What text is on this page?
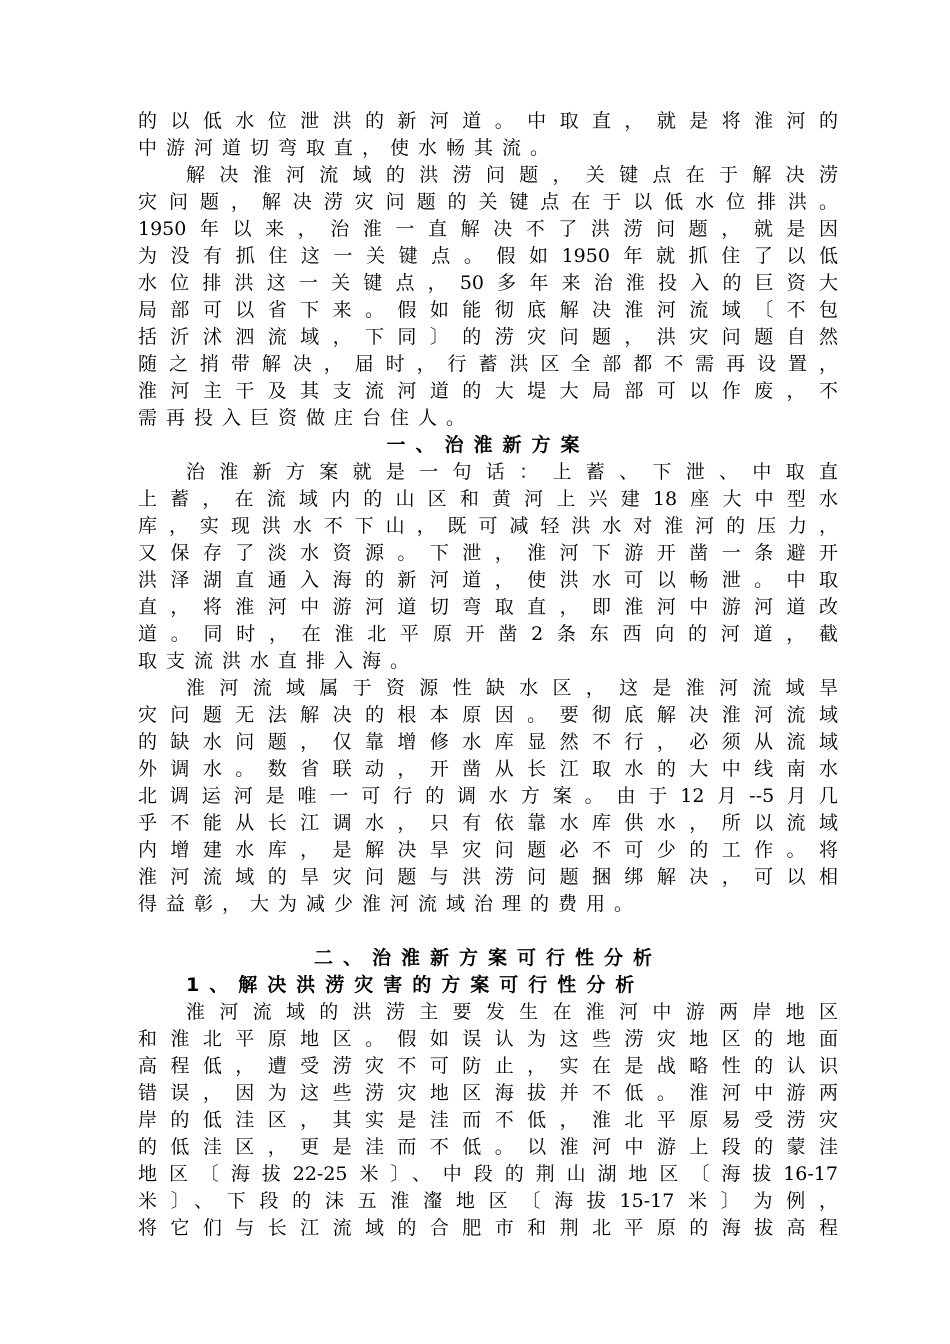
的以低水位泄洪的新河道。中取直，就是将淮河的
中游河道切弯取直，使水畅其流。
解决淮河流域的洪涝问题，关键点在于解决涝
灾问题，解决涝灾问题的关键点在于以低水位排洪。
1950年以来，治淮一直解决不了洪涝问题，就是因
为没有抓住这一关键点。假如1950年就抓住了以低
水位排洪这一关键点，50多年来治淮投入的巨资大
局部可以省下来。假如能彻底解决淮河流域〔不包
括沂沭泗流域，下同〕的涝灾问题，洪灾问题自然
随之捎带解决，届时，行蓄洪区全部都不需再设置，
淮河主干及其支流河道的大堤大局部可以作废，不
需再投入巨资做庄台住人。
一、治淮新方案
治淮新方案就是一句话：上蓄、下泄、中取直
上蓄，在流域内的山区和黄河上兴建18座大中型水
库，实现洪水不下山，既可减轻洪水对淮河的压力，
又保存了淡水资源。下泄，淮河下游开凿一条避开
洪泽湖直通入海的新河道，使洪水可以畅泄。中取
直，将淮河中游河道切弯取直，即淮河中游河道改
道。同时，在淮北平原开凿2条东西向的河道，截
取支流洪水直排入海。
淮河流域属于资源性缺水区，这是淮河流域旱
灾问题无法解决的根本原因。要彻底解决淮河流域
的缺水问题，仅靠增修水库显然不行，必须从流域
外调水。数省联动，开凿从长江取水的大中线南水
北调运河是唯一可行的调水方案。由于12月--5月几
乎不能从长江调水，只有依靠水库供水，所以流域
内增建水库，是解决旱灾问题必不可少的工作。将
淮河流域的旱灾问题与洪涝问题捆绑解决，可以相
得益彰，大为减少淮河流域治理的费用。
二、治淮新方案可行性分析
1、解决洪涝灾害的方案可行性分析
淮河流域的洪涝主要发生在淮河中游两岸地区
和淮北平原地区。假如误认为这些涝灾地区的地面
高程低，遭受涝灾不可防止，实在是战略性的认识
错误，因为这些涝灾地区海拔并不低。淮河中游两
岸的低洼区，其实是洼而不低，淮北平原易受涝灾
的低洼区，更是洼而不低。以淮河中游上段的蒙洼
地区〔海拔22-25米〕、中段的荆山湖地区〔海拔16-17
米〕、下段的沫五淮瀣地区〔海拔15-17米〕为例，
将它们与长江流域的合肥市和荆北平原的海拔高程
